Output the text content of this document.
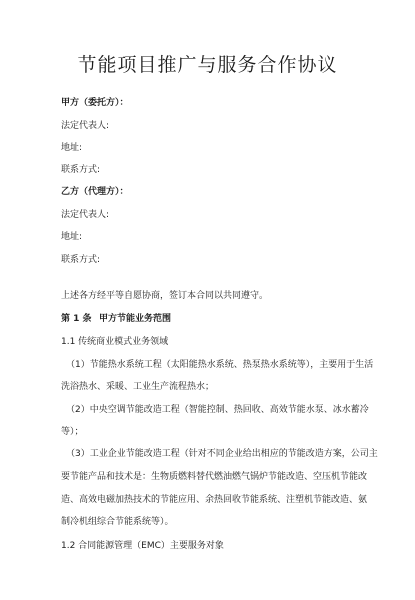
节能项目推广与服务合作协议
甲方（委托方）：
法定代表人:
地址:
联系方式:
乙方（代理方）：
法定代表人:
地址:
联系方式:
上述各方经平等自愿协商，签订本合同以共同遵守。
第 1 条 甲方节能业务范围
1.1 传统商业模式业务领域
（1）节能热水系统工程（太阳能热水系统、热泵热水系统等），主要用于生活
洗浴热水、采暖、工业生产流程热水；
（2）中央空调节能改造工程（智能控制、热回收、高效节能水泵、冰水蓄冷
等）；
（3）工业企业节能改造工程（针对不同企业给出相应的节能改造方案，公司主
要节能产品和技术是：生物质燃料替代燃油燃气锅炉节能改造、空压机节能改
造、高效电磁加热技术的节能应用、余热回收节能系统、注塑机节能改造、氨
制冷机组综合节能系统等）。
1.2 合同能源管理（EMC）主要服务对象
